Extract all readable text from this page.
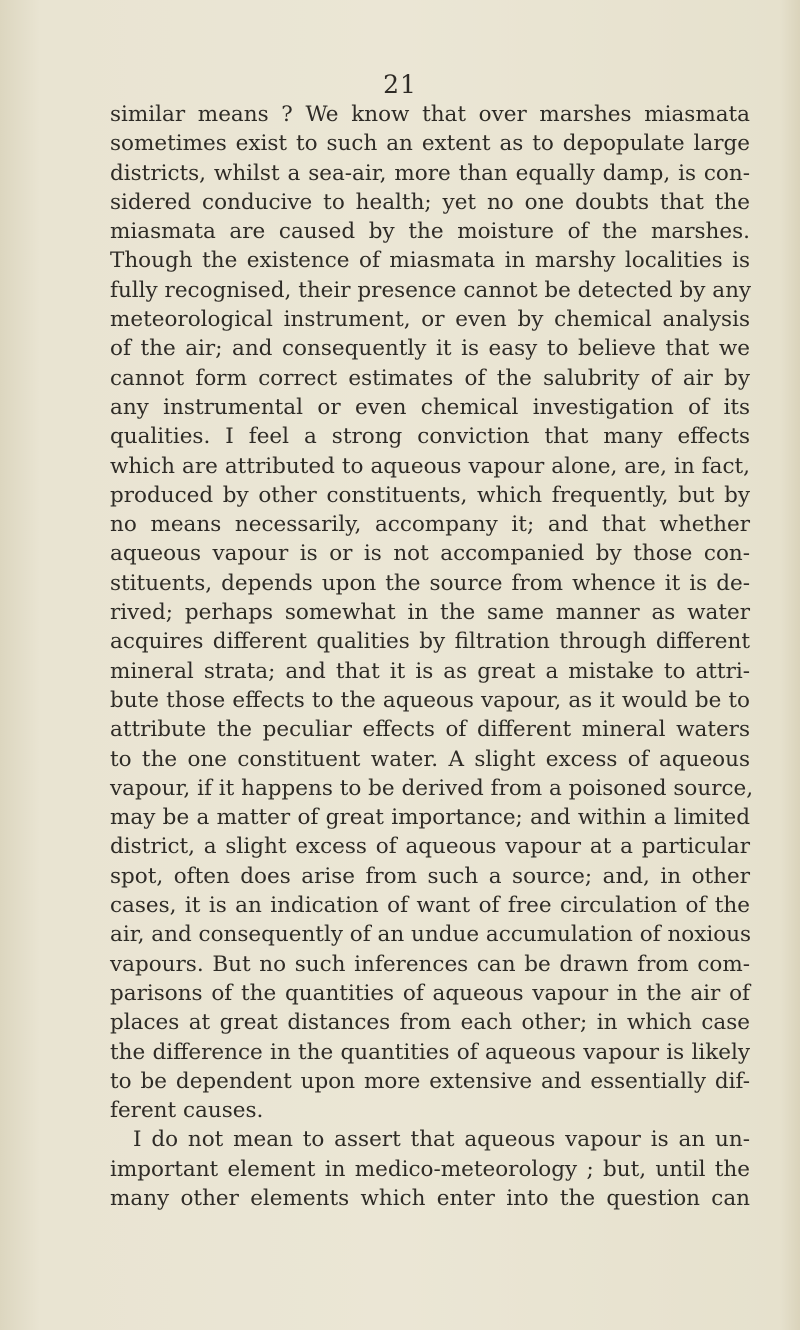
21
similar means ? We know that over marshes miasmata
sometimes exist to such an extent as to depopulate large
districts, whilst a sea-air, more than equally damp, is con-
sidered conducive to health; yet no one doubts that the
miasmata are caused by the moisture of the marshes.
Though the existence of miasmata in marshy localities is
fully recognised, their presence cannot be detected by any
meteorological instrument, or even by chemical analysis
of the air; and consequently it is easy to believe that we
cannot form correct estimates of the salubrity of air by
any instrumental or even chemical investigation of its
qualities. I feel a strong conviction that many effects
which are attributed to aqueous vapour alone, are, in fact,
produced by other constituents, which frequently, but by
no means necessarily, accompany it; and that whether
aqueous vapour is or is not accompanied by those con-
stituents, depends upon the source from whence it is de-
rived; perhaps somewhat in the same manner as water
acquires different qualities by filtration through different
mineral strata; and that it is as great a mistake to attri-
bute those effects to the aqueous vapour, as it would be to
attribute the peculiar effects of different mineral waters
to the one constituent water. A slight excess of aqueous
vapour, if it happens to be derived from a poisoned source,
may be a matter of great importance; and within a limited
district, a slight excess of aqueous vapour at a particular
spot, often does arise from such a source; and, in other
cases, it is an indication of want of free circulation of the
air, and consequently of an undue accumulation of noxious
vapours. But no such inferences can be drawn from com-
parisons of the quantities of aqueous vapour in the air of
places at great distances from each other; in which case
the difference in the quantities of aqueous vapour is likely
to be dependent upon more extensive and essentially dif-
ferent causes.
I do not mean to assert that aqueous vapour is an un-
important element in medico-meteorology ; but, until the
many other elements which enter into the question can
